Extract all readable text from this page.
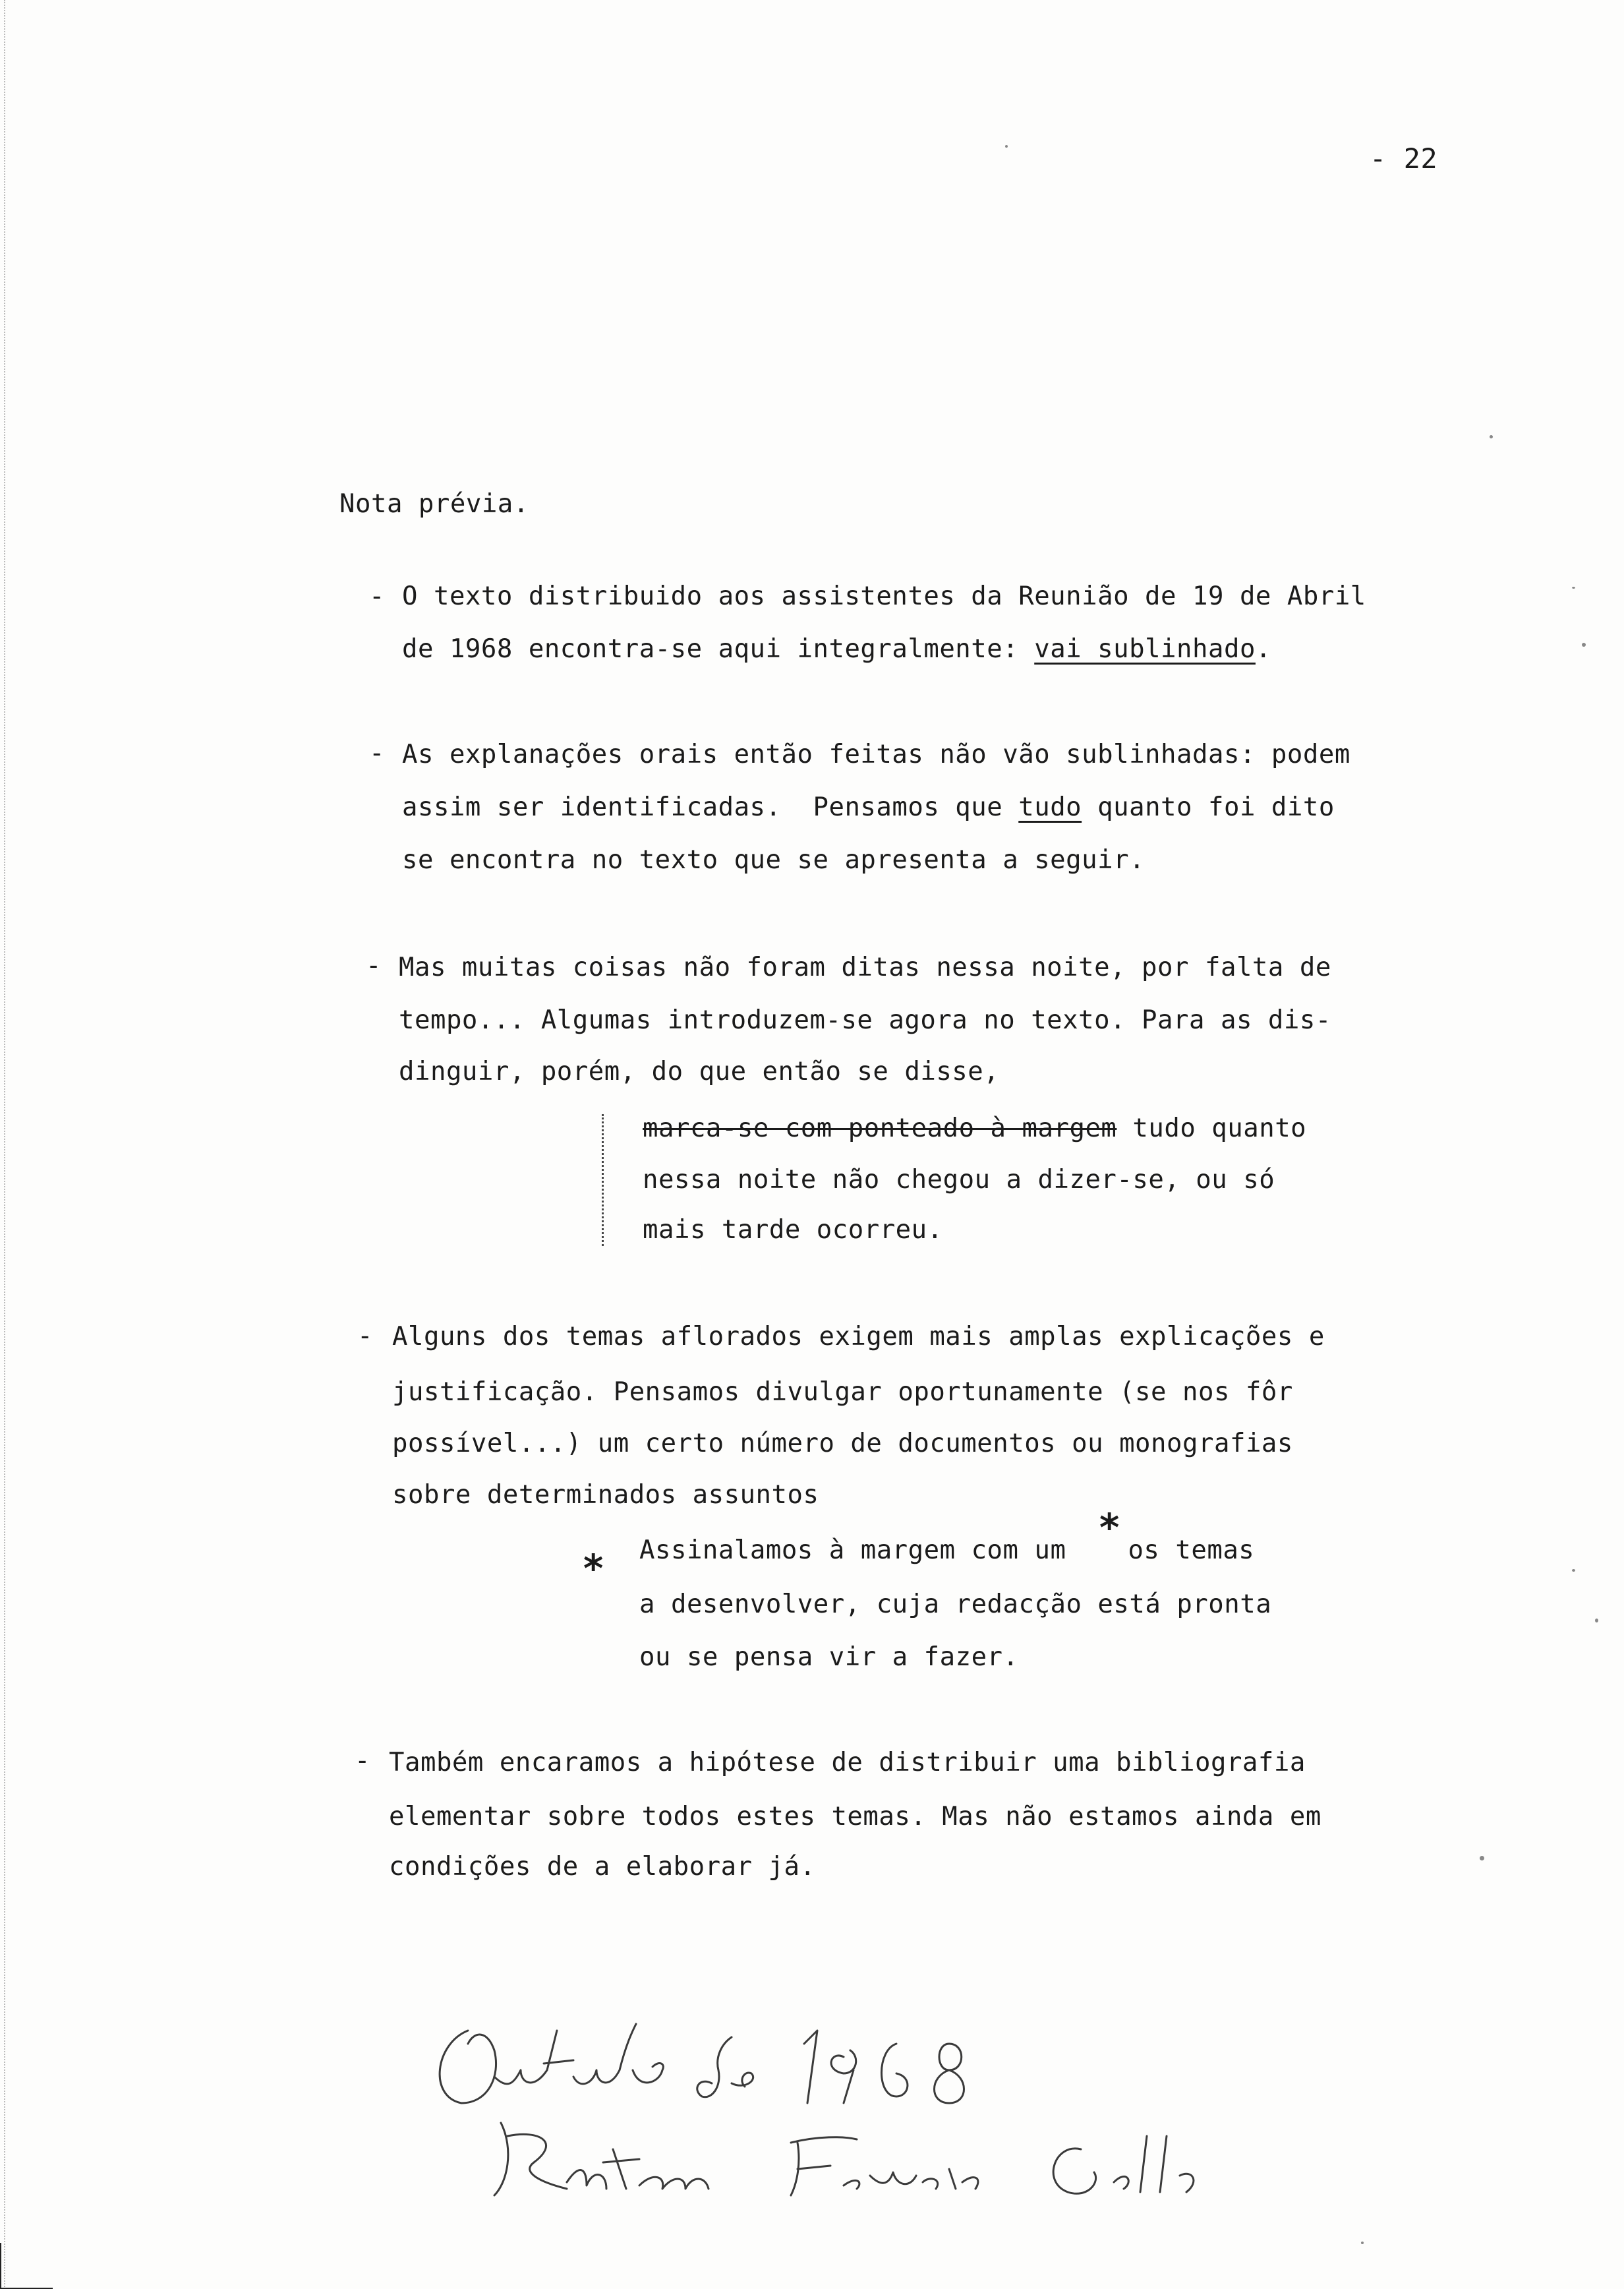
- 22
Nota prévia.
- O texto distribuido aos assistentes da Reunião de 19 de Abril
de 1968 encontra-se aqui integralmente: vai sublinhado.
- As explanações orais então feitas não vão sublinhadas: podem
assim ser identificadas.  Pensamos que tudo quanto foi dito
se encontra no texto que se apresenta a seguir.
- Mas muitas coisas não foram ditas nessa noite, por falta de
tempo... Algumas introduzem-se agora no texto. Para as dis-
dinguir, porém, do que então se disse,
marca-se com ponteado à margem tudo quanto
nessa noite não chegou a dizer-se, ou só
mais tarde ocorreu.
- Alguns dos temas aflorados exigem mais amplas explicações e
justificação. Pensamos divulgar oportunamente (se nos fôr
possível...) um certo número de documentos ou monografias
sobre determinados assuntos
*
*
Assinalamos à margem com um os temas
a desenvolver, cuja redacção está pronta
ou se pensa vir a fazer.
- Também encaramos a hipótese de distribuir uma bibliografia
elementar sobre todos estes temas. Mas não estamos ainda em
condições de a elaborar já.
